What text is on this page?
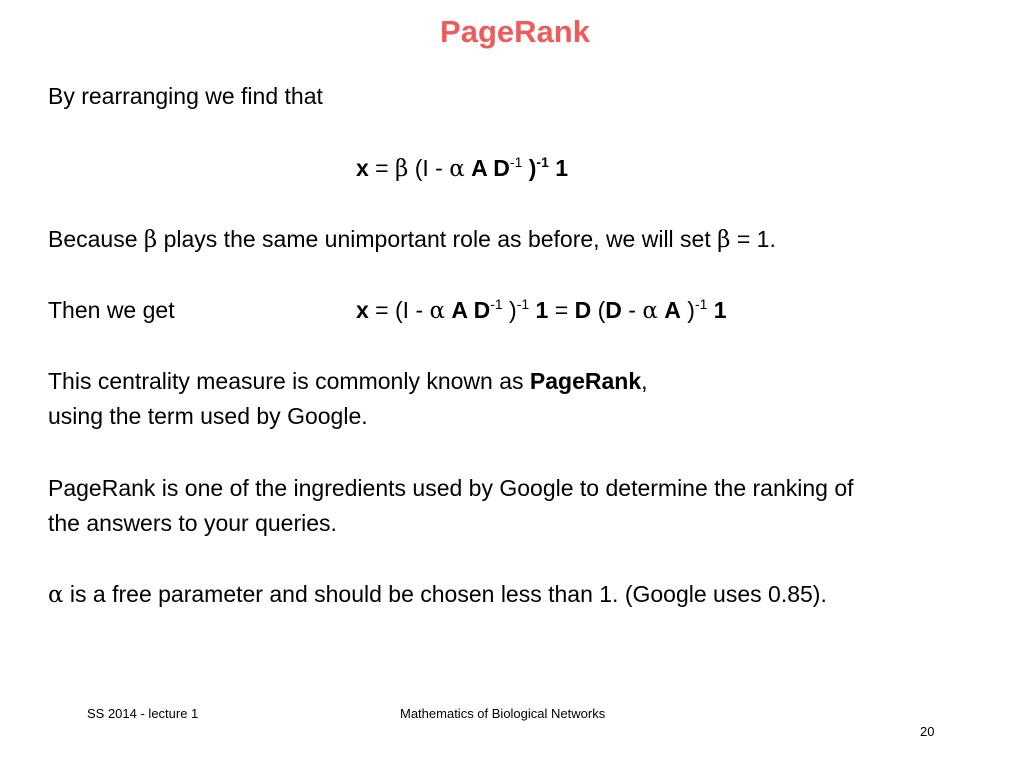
PageRank
By rearranging we find that
x = β (I - α A $D^{-1}$ )$^{-1}$ 1
Because β plays the same unimportant role as before, we will set β = 1.
Then we get	x = (I - α A $D^{-1}$ )$^{-1}$ 1 = D (D - α A )$^{-1}$ 1
This centrality measure is commonly known as PageRank,
using the term used by Google.
PageRank is one of the ingredients used by Google to determine the ranking of
the answers to your queries.
α is a free parameter and should be chosen less than 1. (Google uses 0.85).
SS 2014 - lecture 1	Mathematics of Biological Networks
20
